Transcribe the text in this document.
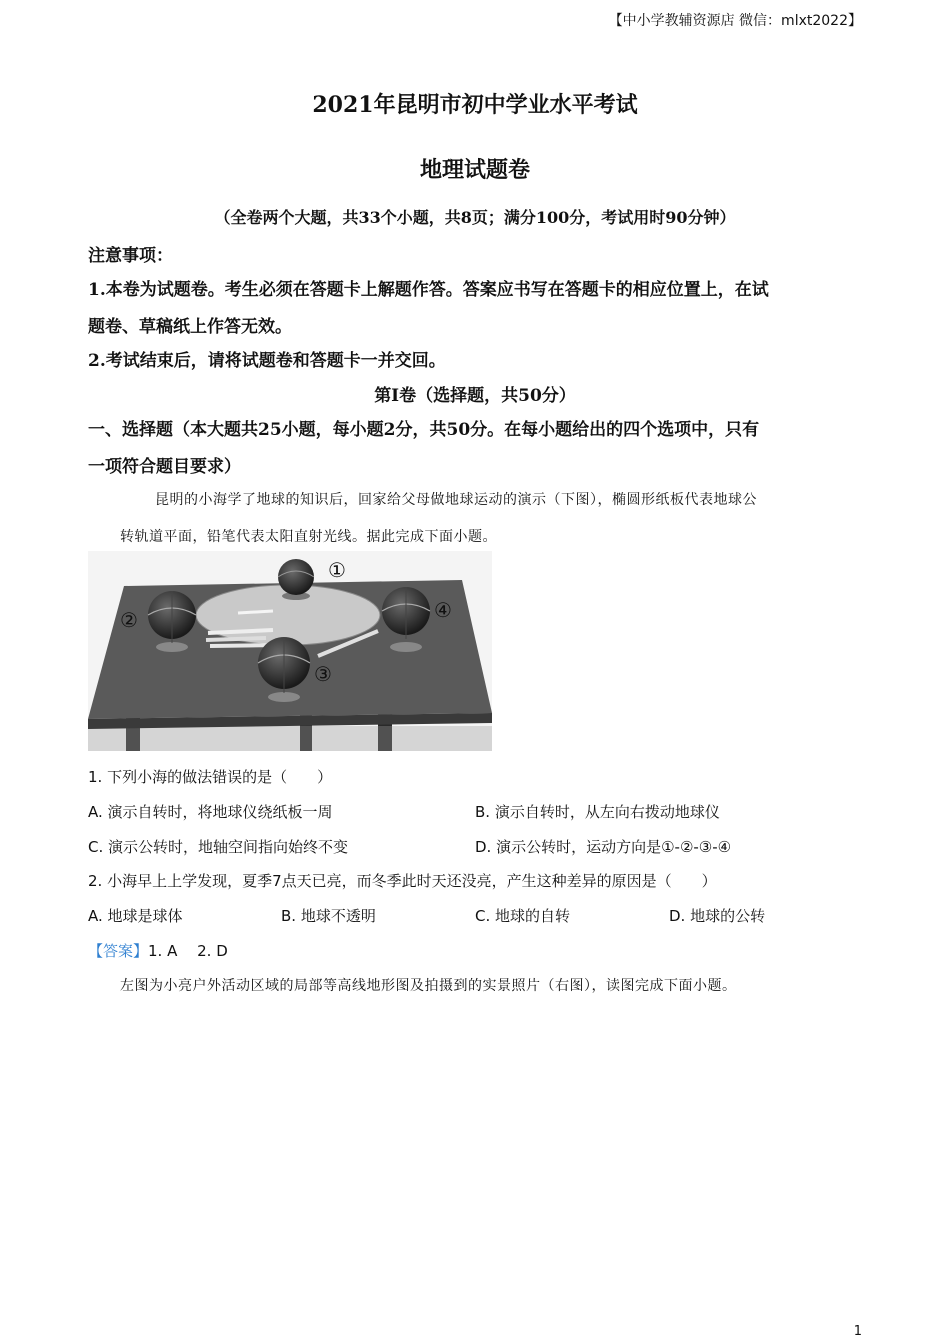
【中小学教辅资源店 微信：mlxt2022】
2021年昆明市初中学业水平考试
地理试题卷
（全卷两个大题，共33个小题，共8页；满分100分，考试用时90分钟）
注意事项：
1.本卷为试题卷。考生必须在答题卡上解题作答。答案应书写在答题卡的相应位置上，在试
题卷、草稿纸上作答无效。
2.考试结束后，请将试题卷和答题卡一并交回。
第I卷（选择题，共50分）
一、选择题（本大题共25小题，每小题2分，共50分。在每小题给出的四个选项中，只有
一项符合题目要求）
昆明的小海学了地球的知识后，回家给父母做地球运动的演示（下图），椭圆形纸板代表地球公
转轨道平面，铅笔代表太阳直射光线。据此完成下面小题。
①
②
③
④
1. 下列小海的做法错误的是（　　）
A. 演示自转时，将地球仪绕纸板一周	B. 演示自转时，从左向右拨动地球仪
C. 演示公转时，地轴空间指向始终不变	D. 演示公转时，运动方向是①-②-③-④
2. 小海早上上学发现，夏季7点天已亮，而冬季此时天还没亮，产生这种差异的原因是（　　）
A. 地球是球体	B. 地球不透明	C. 地球的自转	D. 地球的公转
【答案】1. A　 2. D
左图为小亮户外活动区域的局部等高线地形图及拍摄到的实景照片（右图），读图完成下面小题。
1
